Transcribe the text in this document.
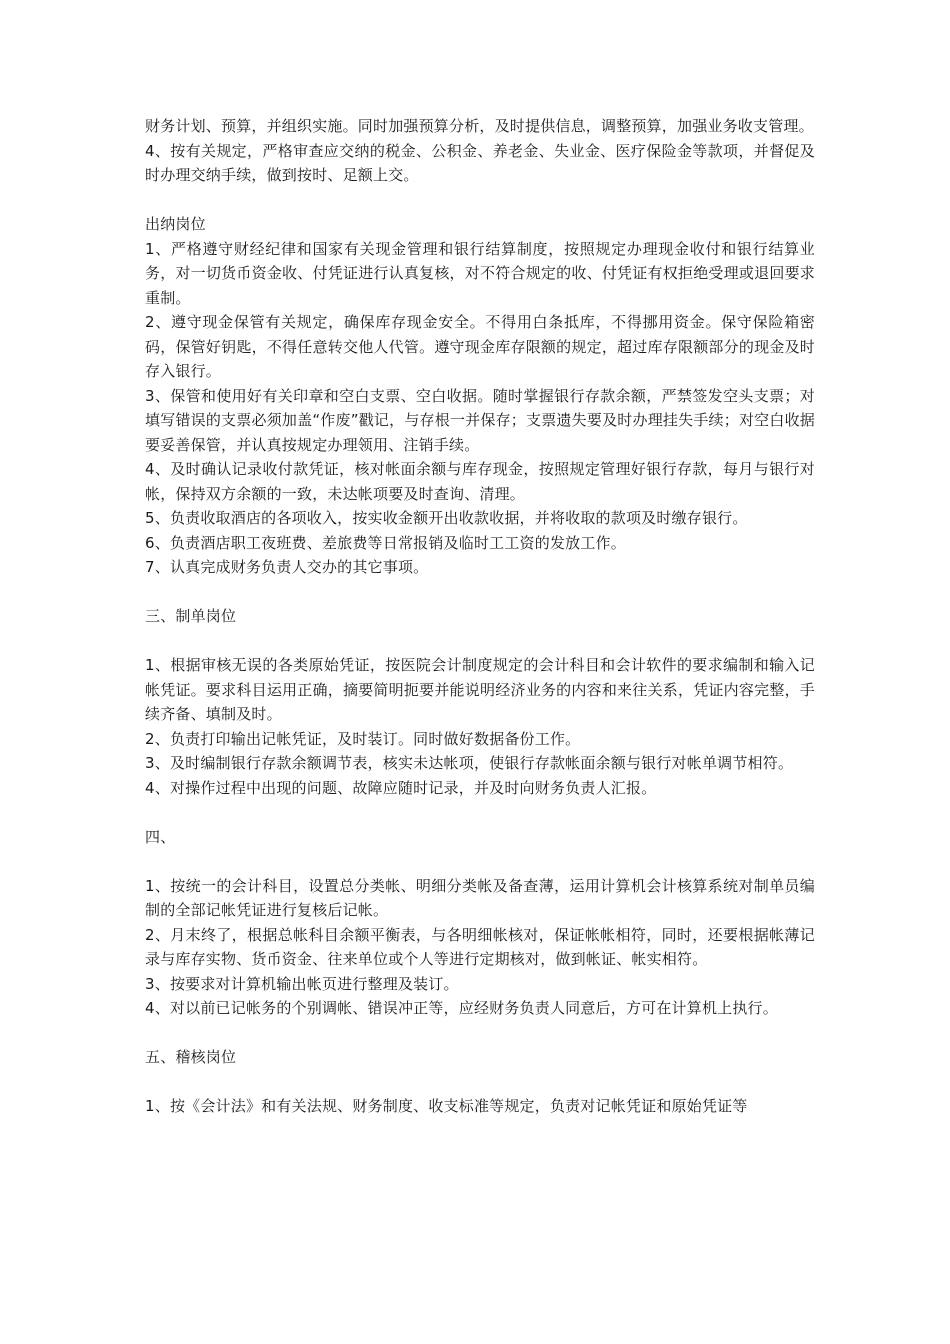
财务计划、预算，并组织实施。同时加强预算分析，及时提供信息，调整预算，加强业务收支管理。

4、按有关规定，严格审查应交纳的税金、公积金、养老金、失业金、医疗保险金等款项，并督促及时办理交纳手续，做到按时、足额上交。

出纳岗位

1、严格遵守财经纪律和国家有关现金管理和银行结算制度，按照规定办理现金收付和银行结算业务，对一切货币资金收、付凭证进行认真复核，对不符合规定的收、付凭证有权拒绝受理或退回要求重制。

2、遵守现金保管有关规定，确保库存现金安全。不得用白条抵库，不得挪用资金。保守保险箱密码，保管好钥匙，不得任意转交他人代管。遵守现金库存限额的规定，超过库存限额部分的现金及时存入银行。

3、保管和使用好有关印章和空白支票、空白收据。随时掌握银行存款余额，严禁签发空头支票；对填写错误的支票必须加盖“作废”戳记，与存根一并保存；支票遗失要及时办理挂失手续；对空白收据要妥善保管，并认真按规定办理领用、注销手续。

4、及时确认记录收付款凭证，核对帐面余额与库存现金，按照规定管理好银行存款，每月与银行对帐，保持双方余额的一致，未达帐项要及时查询、清理。

5、负责收取酒店的各项收入，按实收金额开出收款收据，并将收取的款项及时缴存银行。

6、负责酒店职工夜班费、差旅费等日常报销及临时工工资的发放工作。

7、认真完成财务负责人交办的其它事项。

三、制单岗位

1、根据审核无误的各类原始凭证，按医院会计制度规定的会计科目和会计软件的要求编制和输入记帐凭证。要求科目运用正确，摘要简明扼要并能说明经济业务的内容和来往关系，凭证内容完整，手续齐备、填制及时。

2、负责打印输出记帐凭证，及时装订。同时做好数据备份工作。

3、及时编制银行存款余额调节表，核实未达帐项，使银行存款帐面余额与银行对帐单调节相符。

4、对操作过程中出现的问题、故障应随时记录，并及时向财务负责人汇报。

四、

1、按统一的会计科目，设置总分类帐、明细分类帐及备查薄，运用计算机会计核算系统对制单员编制的全部记帐凭证进行复核后记帐。

2、月末终了，根据总帐科目余额平衡表，与各明细帐核对，保证帐帐相符，同时，还要根据帐薄记录与库存实物、货币资金、往来单位或个人等进行定期核对，做到帐证、帐实相符。

3、按要求对计算机输出帐页进行整理及装订。

4、对以前已记帐务的个别调帐、错误冲正等，应经财务负责人同意后，方可在计算机上执行。

五、稽核岗位

1、按《会计法》和有关法规、财务制度、收支标准等规定，负责对记帐凭证和原始凭证等
